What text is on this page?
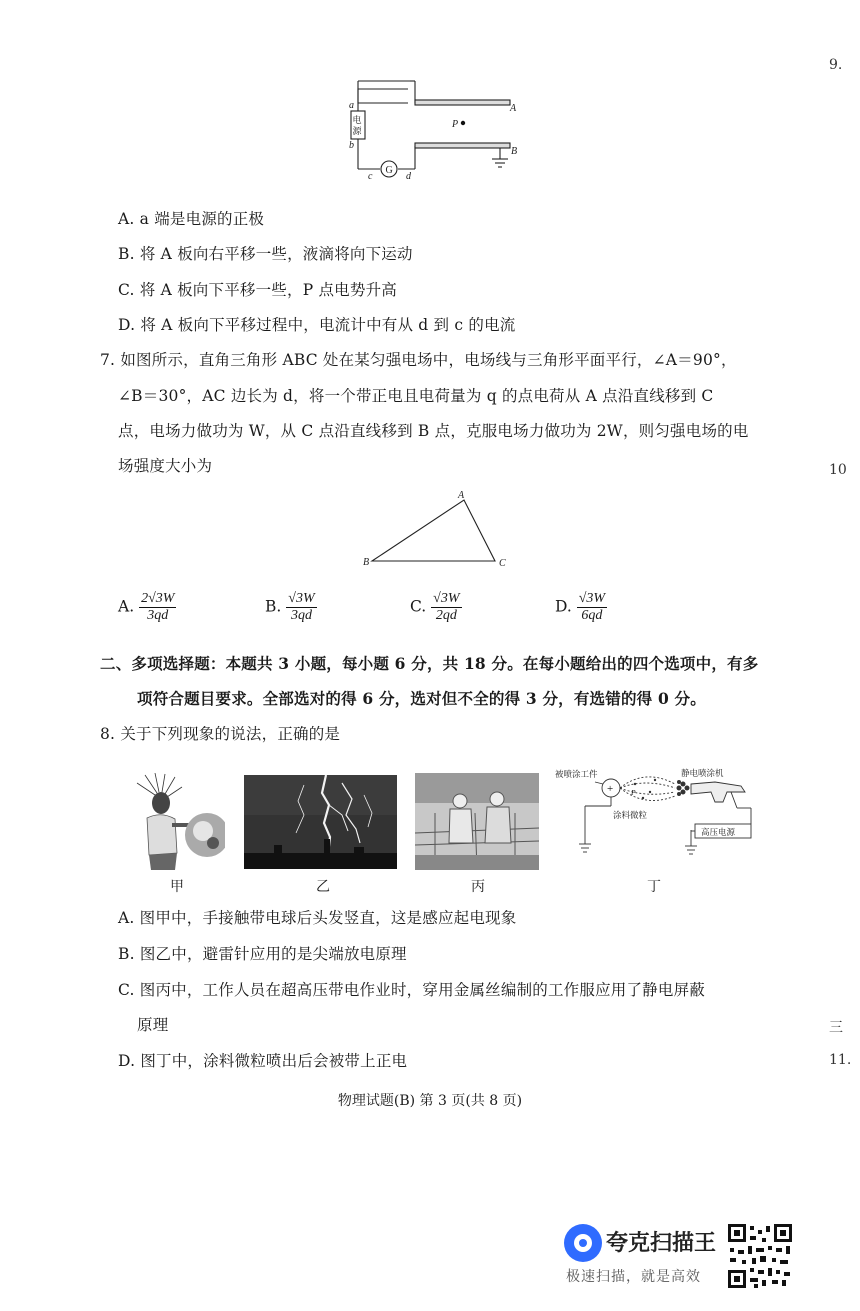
电
源
G
a
b
c	d
A
B
P
A. a 端是电源的正极
B. 将 A 板向右平移一些，液滴将向下运动
C. 将 A 板向下平移一些，P 点电势升高
D. 将 A 板向下平移过程中，电流计中有从 d 到 c 的电流
7. 如图所示，直角三角形 ABC 处在某匀强电场中，电场线与三角形平面平行，∠A＝90°，
∠B＝30°，AC 边长为 d，将一个带正电且电荷量为 q 的点电荷从 A 点沿直线移到 C
点，电场力做功为 W，从 C 点沿直线移到 B 点，克服电场力做功为 2W，则匀强电场的电
场强度大小为
A
B	C
A. $\frac{2√3W}{3qd}$	B. $\frac{√3W}{3qd}$	C. $\frac{√3W}{2qd}$	D. $\frac{√3W}{6qd}$
二、多项选择题：本题共 3 小题，每小题 6 分，共 18 分。在每小题给出的四个选项中，有多
项符合题目要求。全部选对的得 6 分，选对但不全的得 3 分，有选错的得 0 分。
8. 关于下列现象的说法，正确的是
被喷涂工件	静电喷涂机
涂料微粒
+ P
高压电源
甲	乙	丙	丁
A. 图甲中，手接触带电球后头发竖直，这是感应起电现象
B. 图乙中，避雷针应用的是尖端放电原理
C. 图丙中，工作人员在超高压带电作业时，穿用金属丝编制的工作服应用了静电屏蔽
原理
D. 图丁中，涂料微粒喷出后会被带上正电
物理试题(B) 第 3 页(共 8 页)
9.
10
三
11.
夸克扫描王
极速扫描，就是高效
